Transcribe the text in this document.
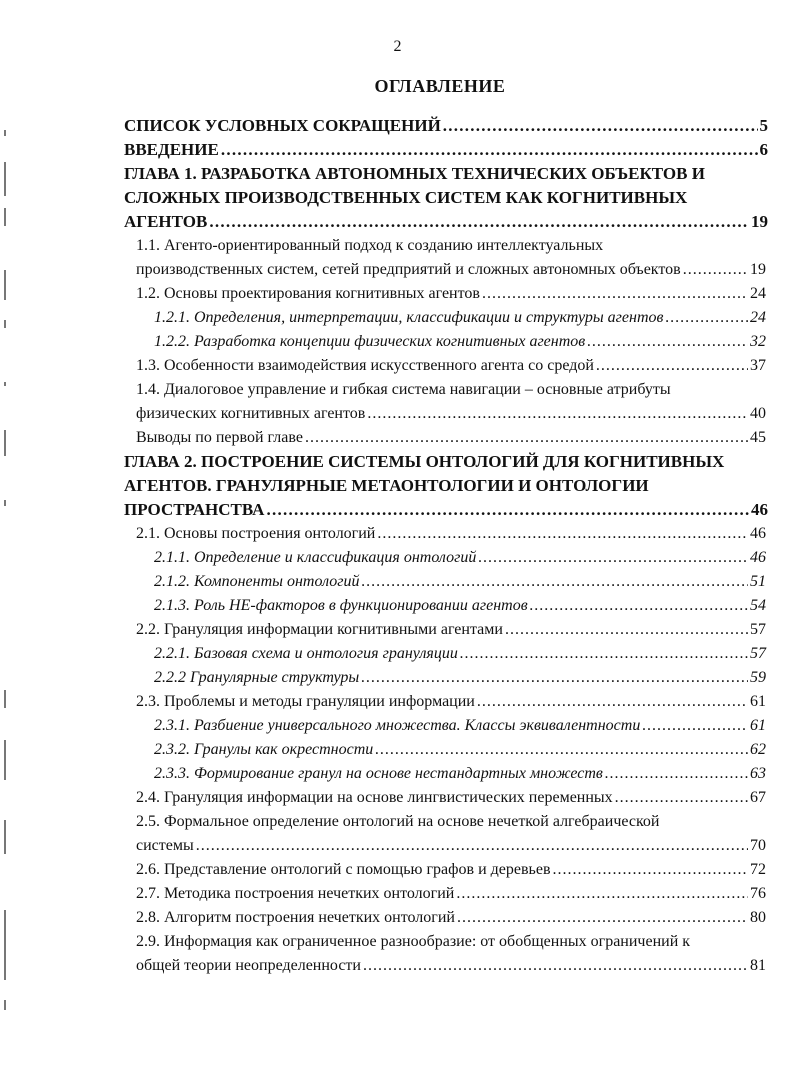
2
ОГЛАВЛЕНИЕ
СПИСОК УСЛОВНЫХ СОКРАЩЕНИЙ . . .	5
ВВЕДЕНИЕ . . .	6
ГЛАВА 1. РАЗРАБОТКА АВТОНОМНЫХ ТЕХНИЧЕСКИХ ОБЪЕКТОВ И
СЛОЖНЫХ ПРОИЗВОДСТВЕННЫХ СИСТЕМ КАК КОГНИТИВНЫХ
АГЕНТОВ . . .	19
1.1. Агенто-ориентированный подход к созданию интеллектуальных
производственных систем, сетей предприятий и сложных автономных объектов . . .	19
1.2. Основы проектирования когнитивных агентов . . .	24
1.2.1. Определения, интерпретации, классификации и структуры агентов . . .	24
1.2.2. Разработка концепции физических когнитивных агентов . . .	32
1.3. Особенности взаимодействия искусственного агента со средой . . .	37
1.4. Диалоговое управление и гибкая система навигации – основные атрибуты
физических когнитивных агентов . . .	40
Выводы по первой главе . . .	45
ГЛАВА 2. ПОСТРОЕНИЕ СИСТЕМЫ ОНТОЛОГИЙ ДЛЯ КОГНИТИВНЫХ
АГЕНТОВ. ГРАНУЛЯРНЫЕ МЕТАОНТОЛОГИИ И ОНТОЛОГИИ
ПРОСТРАНСТВА . . .	46
2.1. Основы построения онтологий . . .	46
2.1.1. Определение и классификация онтологий . . .	46
2.1.2. Компоненты онтологий . . .	51
2.1.3. Роль НЕ-факторов в функционировании агентов . . .	54
2.2. Грануляция информации когнитивными агентами . . .	57
2.2.1. Базовая схема и онтология грануляции . . .	57
2.2.2 Гранулярные структуры . . .	59
2.3. Проблемы и методы грануляции информации . . .	61
2.3.1. Разбиение универсального множества. Классы эквивалентности . . .	61
2.3.2. Гранулы как окрестности . . .	62
2.3.3. Формирование гранул на основе нестандартных множеств . . .	63
2.4. Грануляция информации на основе лингвистических переменных . . .	67
2.5. Формальное определение онтологий на основе нечеткой алгебраической
системы . . .	70
2.6. Представление онтологий с помощью графов и деревьев . . .	72
2.7. Методика построения нечетких онтологий . . .	76
2.8. Алгоритм построения нечетких онтологий . . .	80
2.9. Информация как ограниченное разнообразие: от обобщенных ограничений к
общей теории неопределенности . . .	81
